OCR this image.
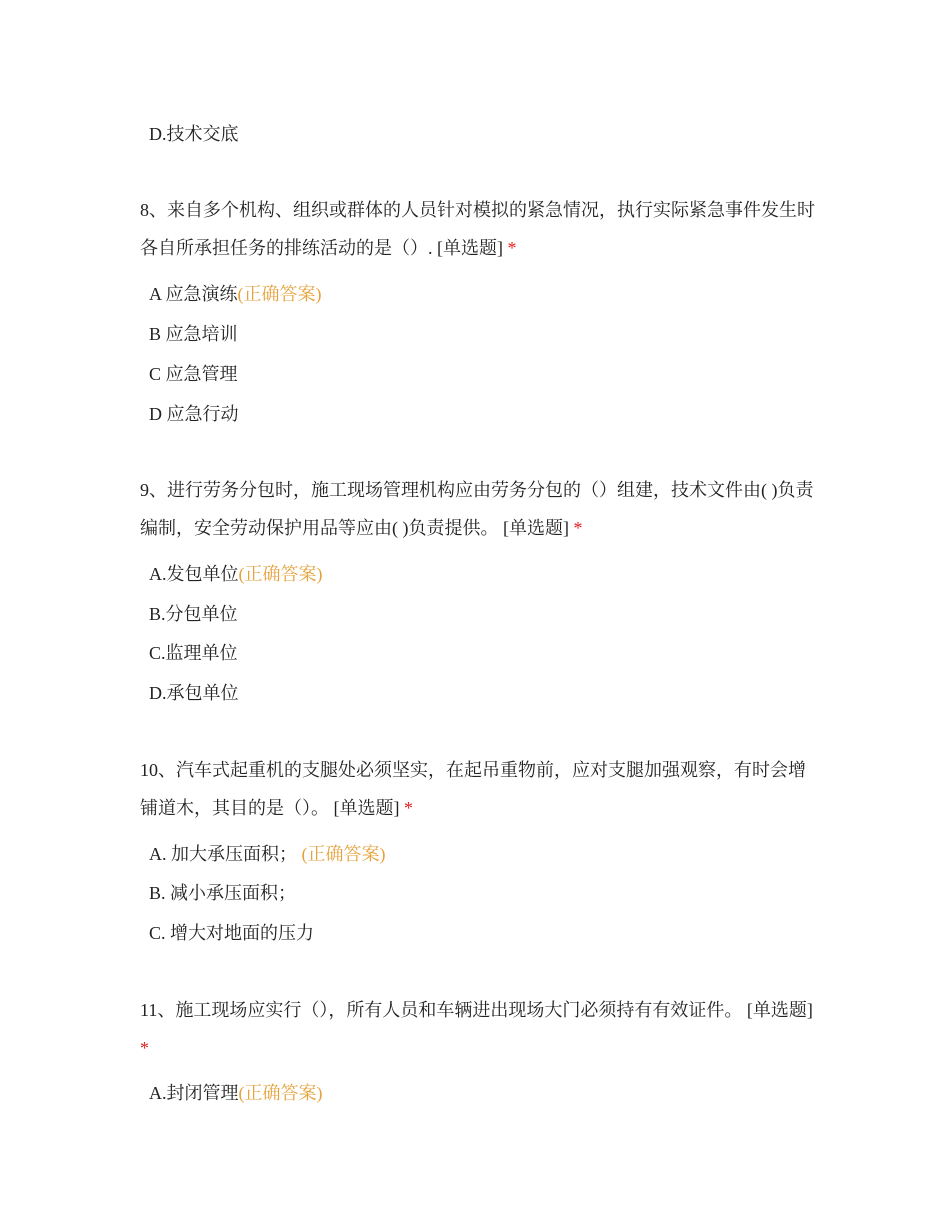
D.技术交底
8、来自多个机构、组织或群体的人员针对模拟的紧急情况，执行实际紧急事件发生时各自所承担任务的排练活动的是（）. [单选题] *
A 应急演练(正确答案)
B 应急培训
C 应急管理
D 应急行动
9、进行劳务分包时，施工现场管理机构应由劳务分包的（）组建，技术文件由( )负责编制，安全劳动保护用品等应由( )负责提供。 [单选题] *
A.发包单位(正确答案)
B.分包单位
C.监理单位
D.承包单位
10、汽车式起重机的支腿处必须坚实，在起吊重物前，应对支腿加强观察，有时会增铺道木，其目的是（）。 [单选题] *
A. 加大承压面积； (正确答案)
B. 减小承压面积；
C. 增大对地面的压力
11、施工现场应实行（），所有人员和车辆进出现场大门必须持有有效证件。 [单选题] *
A.封闭管理(正确答案)
